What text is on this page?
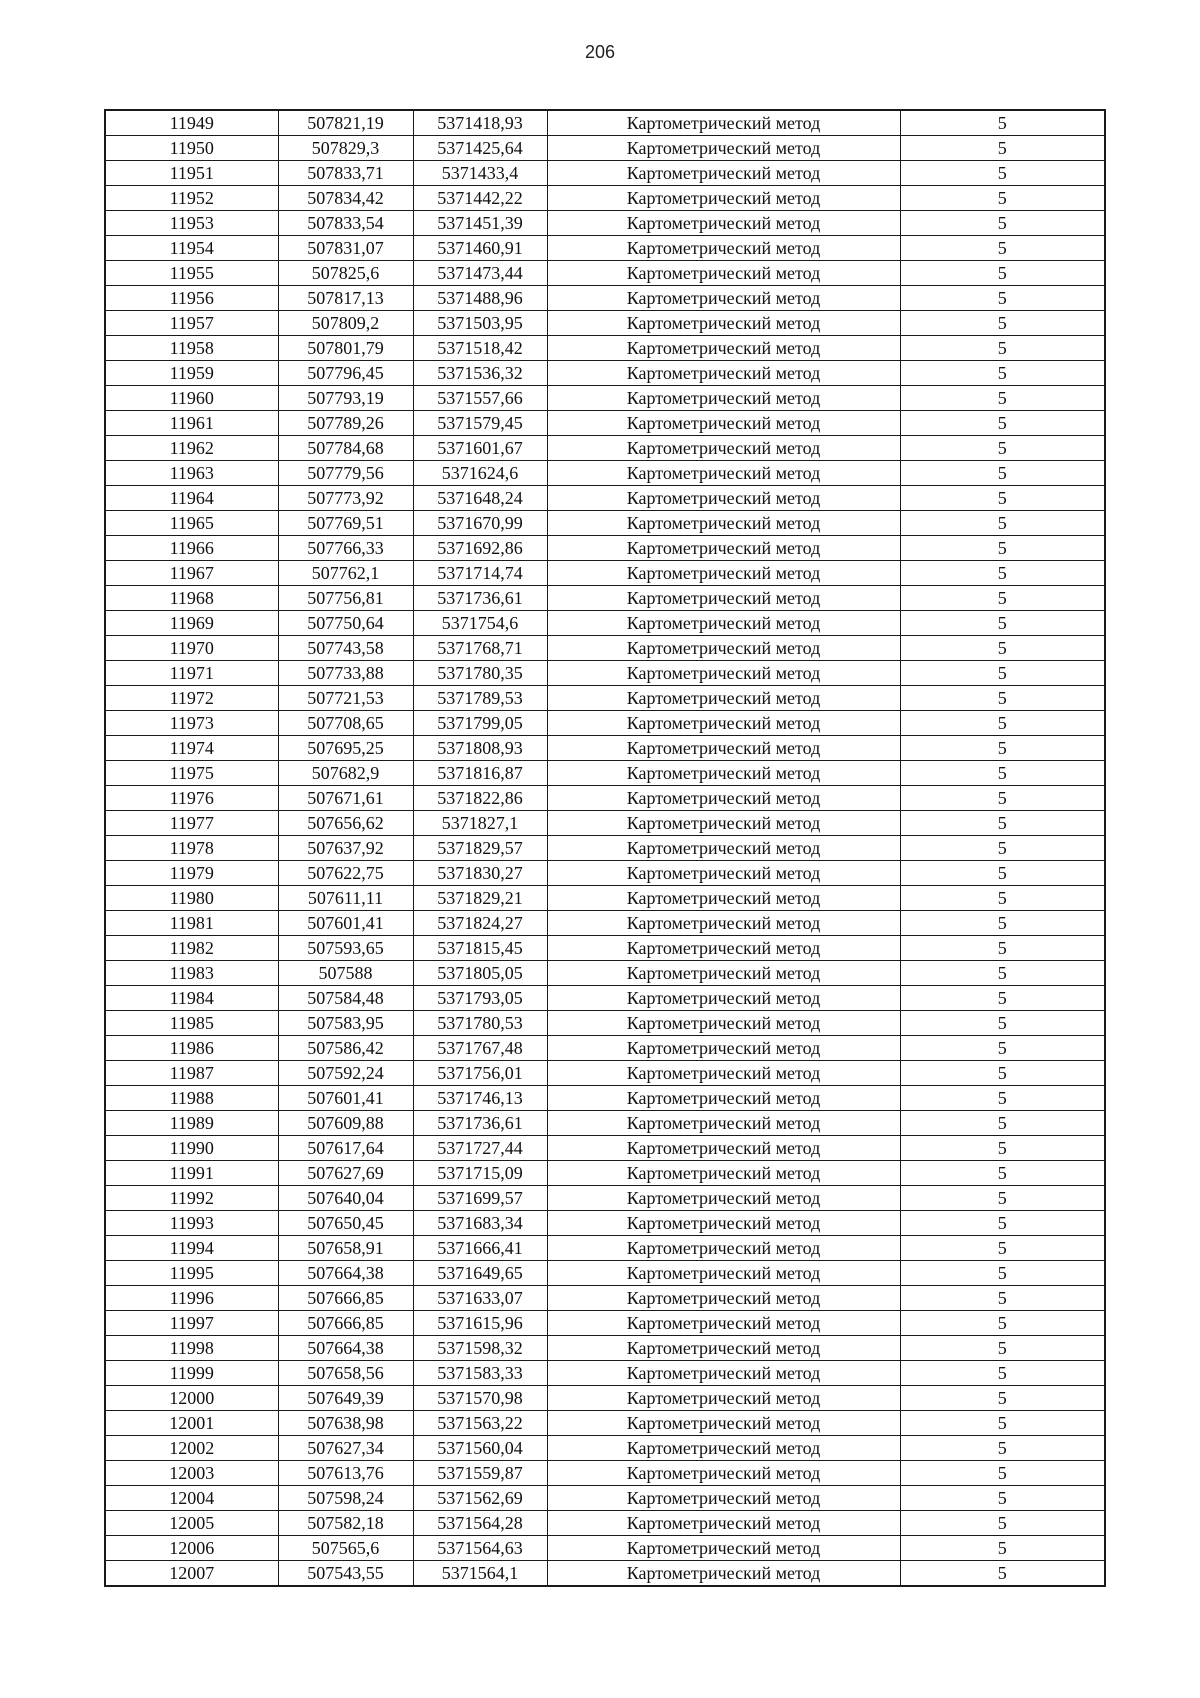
206
11949	507821,19	5371418,93	Картометрический метод	5
11950	507829,3	5371425,64	Картометрический метод	5
11951	507833,71	5371433,4	Картометрический метод	5
11952	507834,42	5371442,22	Картометрический метод	5
11953	507833,54	5371451,39	Картометрический метод	5
11954	507831,07	5371460,91	Картометрический метод	5
11955	507825,6	5371473,44	Картометрический метод	5
11956	507817,13	5371488,96	Картометрический метод	5
11957	507809,2	5371503,95	Картометрический метод	5
11958	507801,79	5371518,42	Картометрический метод	5
11959	507796,45	5371536,32	Картометрический метод	5
11960	507793,19	5371557,66	Картометрический метод	5
11961	507789,26	5371579,45	Картометрический метод	5
11962	507784,68	5371601,67	Картометрический метод	5
11963	507779,56	5371624,6	Картометрический метод	5
11964	507773,92	5371648,24	Картометрический метод	5
11965	507769,51	5371670,99	Картометрический метод	5
11966	507766,33	5371692,86	Картометрический метод	5
11967	507762,1	5371714,74	Картометрический метод	5
11968	507756,81	5371736,61	Картометрический метод	5
11969	507750,64	5371754,6	Картометрический метод	5
11970	507743,58	5371768,71	Картометрический метод	5
11971	507733,88	5371780,35	Картометрический метод	5
11972	507721,53	5371789,53	Картометрический метод	5
11973	507708,65	5371799,05	Картометрический метод	5
11974	507695,25	5371808,93	Картометрический метод	5
11975	507682,9	5371816,87	Картометрический метод	5
11976	507671,61	5371822,86	Картометрический метод	5
11977	507656,62	5371827,1	Картометрический метод	5
11978	507637,92	5371829,57	Картометрический метод	5
11979	507622,75	5371830,27	Картометрический метод	5
11980	507611,11	5371829,21	Картометрический метод	5
11981	507601,41	5371824,27	Картометрический метод	5
11982	507593,65	5371815,45	Картометрический метод	5
11983	507588	5371805,05	Картометрический метод	5
11984	507584,48	5371793,05	Картометрический метод	5
11985	507583,95	5371780,53	Картометрический метод	5
11986	507586,42	5371767,48	Картометрический метод	5
11987	507592,24	5371756,01	Картометрический метод	5
11988	507601,41	5371746,13	Картометрический метод	5
11989	507609,88	5371736,61	Картометрический метод	5
11990	507617,64	5371727,44	Картометрический метод	5
11991	507627,69	5371715,09	Картометрический метод	5
11992	507640,04	5371699,57	Картометрический метод	5
11993	507650,45	5371683,34	Картометрический метод	5
11994	507658,91	5371666,41	Картометрический метод	5
11995	507664,38	5371649,65	Картометрический метод	5
11996	507666,85	5371633,07	Картометрический метод	5
11997	507666,85	5371615,96	Картометрический метод	5
11998	507664,38	5371598,32	Картометрический метод	5
11999	507658,56	5371583,33	Картометрический метод	5
12000	507649,39	5371570,98	Картометрический метод	5
12001	507638,98	5371563,22	Картометрический метод	5
12002	507627,34	5371560,04	Картометрический метод	5
12003	507613,76	5371559,87	Картометрический метод	5
12004	507598,24	5371562,69	Картометрический метод	5
12005	507582,18	5371564,28	Картометрический метод	5
12006	507565,6	5371564,63	Картометрический метод	5
12007	507543,55	5371564,1	Картометрический метод	5
